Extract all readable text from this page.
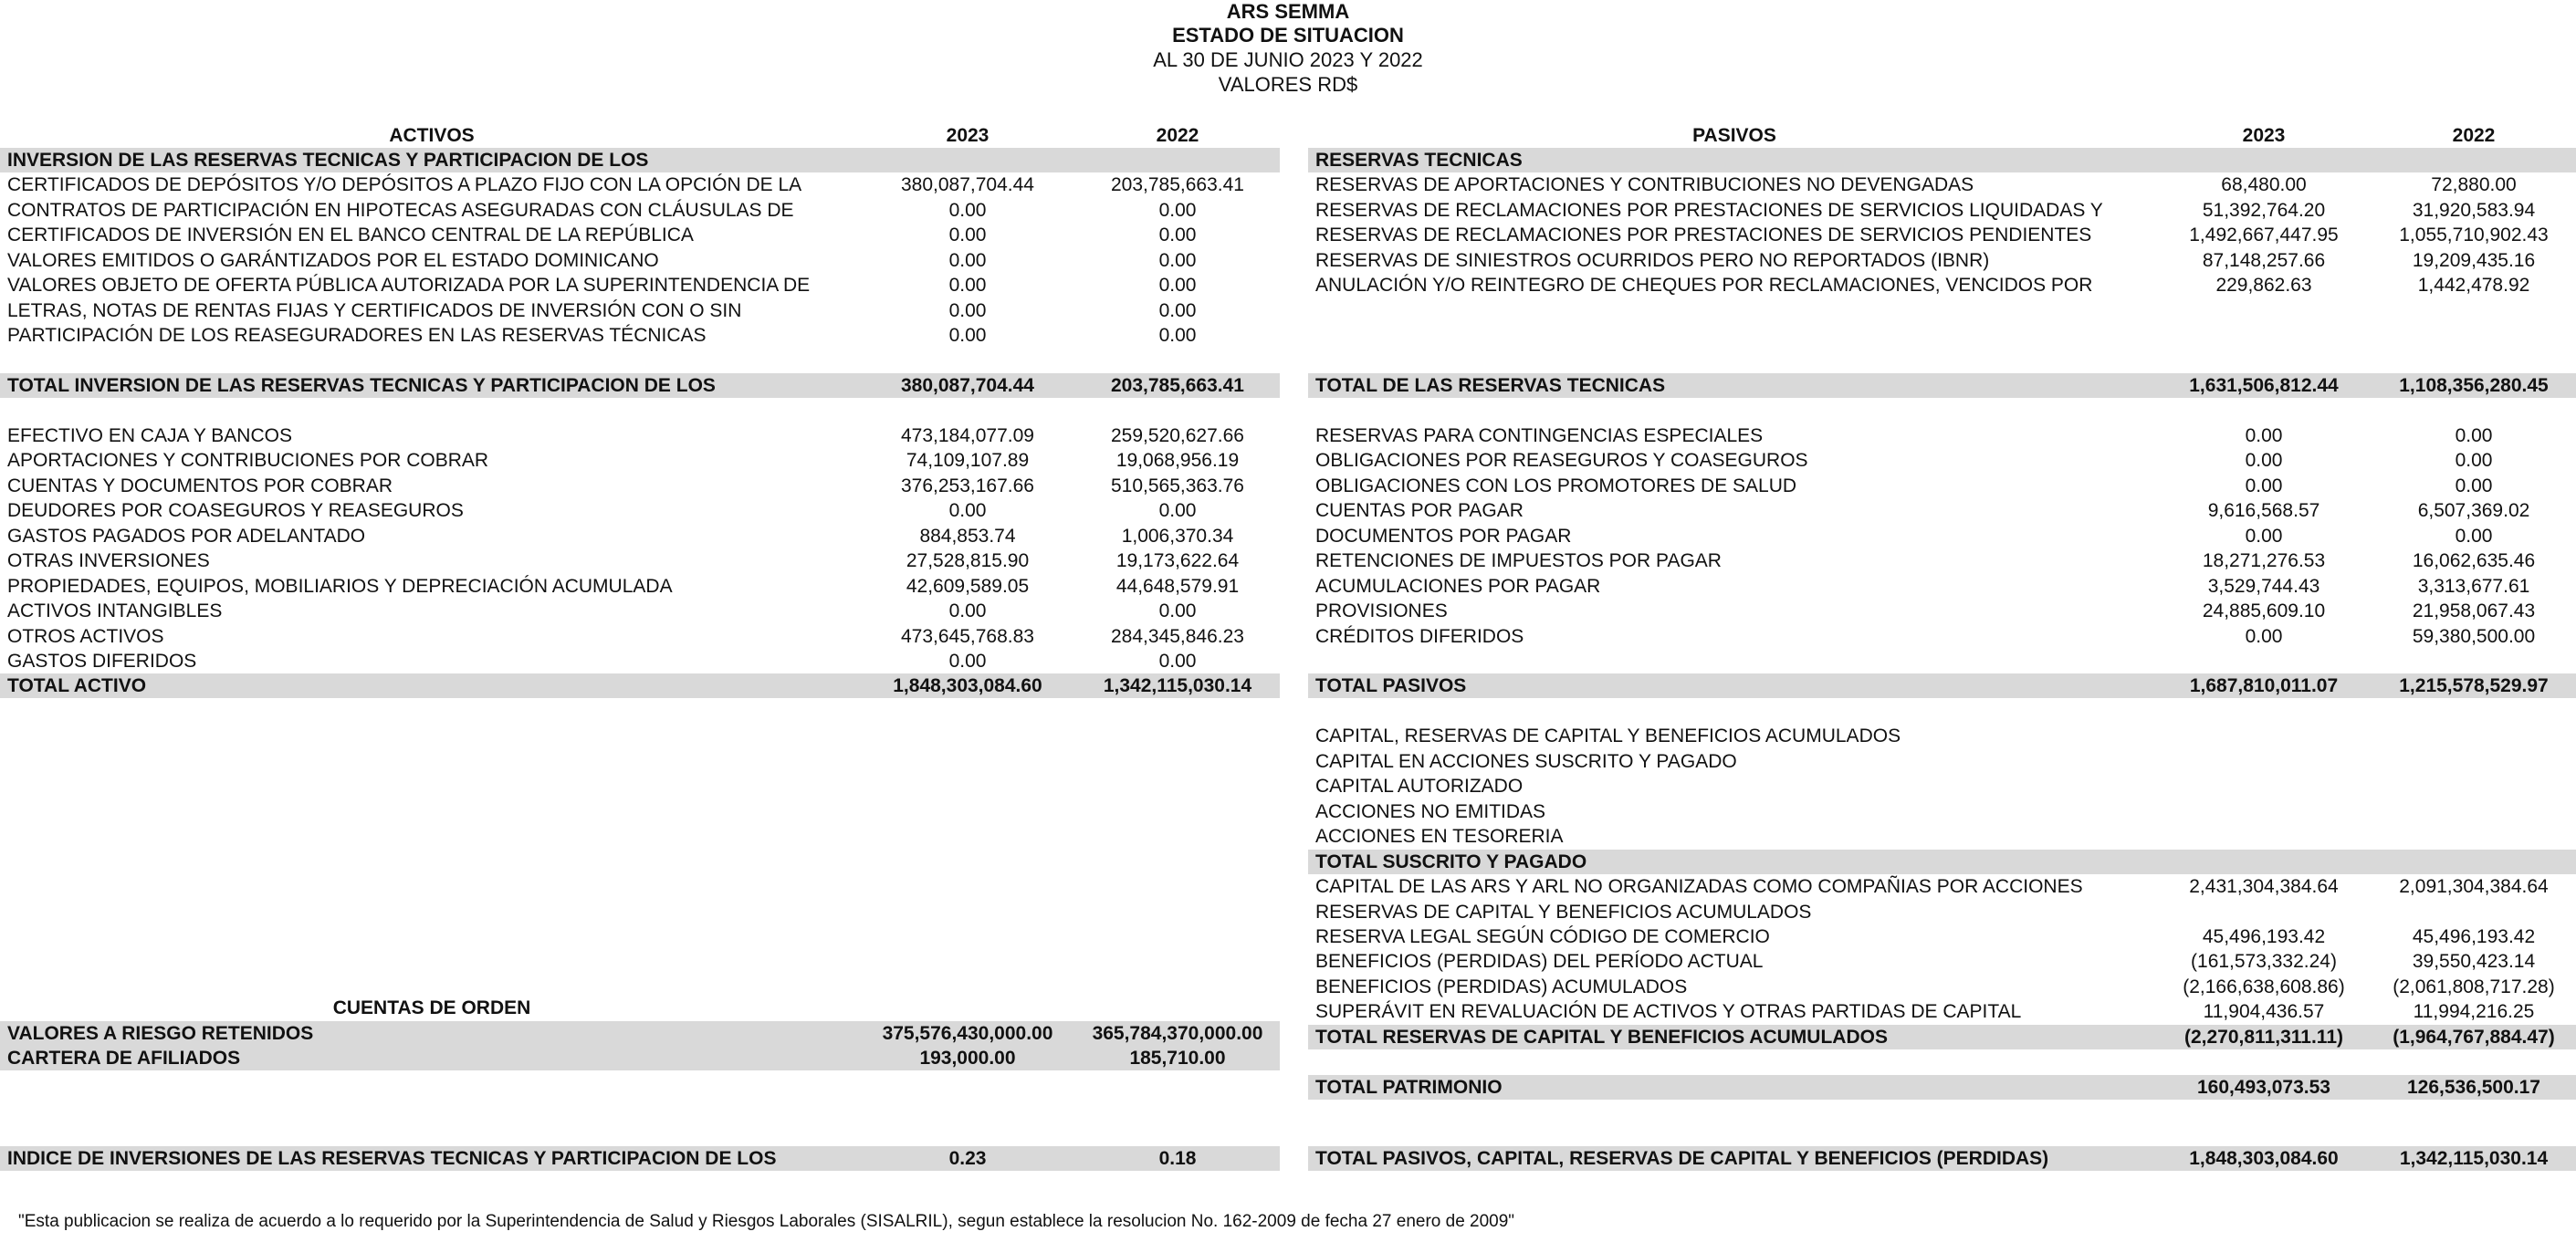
ARS SEMMA
ESTADO DE SITUACION
AL 30 DE JUNIO 2023 Y 2022
VALORES RD$
ACTIVOS	2023	2022	PASIVOS	2023	2022
INVERSION DE LAS RESERVAS TECNICAS Y PARTICIPACION DE LOS
CERTIFICADOS DE DEPÓSITOS Y/O DEPÓSITOS A PLAZO FIJO CON LA OPCIÓN DE LA	380,087,704.44	203,785,663.41
CONTRATOS DE PARTICIPACIÓN EN HIPOTECAS ASEGURADAS CON CLÁUSULAS DE	0.00	0.00
CERTIFICADOS DE INVERSIÓN EN EL BANCO CENTRAL DE LA REPÚBLICA	0.00	0.00
VALORES EMITIDOS O GARÁNTIZADOS POR EL ESTADO DOMINICANO	0.00	0.00
VALORES OBJETO DE OFERTA PÚBLICA AUTORIZADA POR LA SUPERINTENDENCIA DE	0.00	0.00
LETRAS, NOTAS DE RENTAS FIJAS Y CERTIFICADOS DE INVERSIÓN CON O SIN	0.00	0.00
PARTICIPACIÓN DE LOS REASEGURADORES EN LAS RESERVAS TÉCNICAS	0.00	0.00
TOTAL INVERSION DE LAS RESERVAS TECNICAS Y PARTICIPACION DE LOS	380,087,704.44	203,785,663.41
EFECTIVO EN CAJA Y BANCOS	473,184,077.09	259,520,627.66
APORTACIONES Y CONTRIBUCIONES POR COBRAR	74,109,107.89	19,068,956.19
CUENTAS Y DOCUMENTOS POR COBRAR	376,253,167.66	510,565,363.76
DEUDORES POR COASEGUROS Y REASEGUROS	0.00	0.00
GASTOS PAGADOS POR ADELANTADO	884,853.74	1,006,370.34
OTRAS INVERSIONES	27,528,815.90	19,173,622.64
PROPIEDADES, EQUIPOS, MOBILIARIOS Y DEPRECIACIÓN ACUMULADA	42,609,589.05	44,648,579.91
ACTIVOS INTANGIBLES	0.00	0.00
OTROS ACTIVOS	473,645,768.83	284,345,846.23
GASTOS DIFERIDOS	0.00	0.00
TOTAL ACTIVO	1,848,303,084.60	1,342,115,030.14
RESERVAS TECNICAS
RESERVAS DE APORTACIONES Y CONTRIBUCIONES NO DEVENGADAS	68,480.00	72,880.00
RESERVAS DE RECLAMACIONES POR PRESTACIONES DE SERVICIOS LIQUIDADAS Y	51,392,764.20	31,920,583.94
RESERVAS DE RECLAMACIONES POR PRESTACIONES DE SERVICIOS PENDIENTES	1,492,667,447.95	1,055,710,902.43
RESERVAS DE SINIESTROS OCURRIDOS PERO NO REPORTADOS (IBNR)	87,148,257.66	19,209,435.16
ANULACIÓN Y/O REINTEGRO DE CHEQUES POR RECLAMACIONES, VENCIDOS POR	229,862.63	1,442,478.92
TOTAL DE LAS RESERVAS TECNICAS	1,631,506,812.44	1,108,356,280.45
RESERVAS PARA CONTINGENCIAS ESPECIALES	0.00	0.00
OBLIGACIONES POR REASEGUROS Y COASEGUROS	0.00	0.00
OBLIGACIONES CON LOS PROMOTORES DE SALUD	0.00	0.00
CUENTAS POR PAGAR	9,616,568.57	6,507,369.02
DOCUMENTOS POR PAGAR	0.00	0.00
RETENCIONES DE IMPUESTOS POR PAGAR	18,271,276.53	16,062,635.46
ACUMULACIONES POR PAGAR	3,529,744.43	3,313,677.61
PROVISIONES	24,885,609.10	21,958,067.43
CRÉDITOS DIFERIDOS	0.00	59,380,500.00
TOTAL PASIVOS	1,687,810,011.07	1,215,578,529.97
CAPITAL, RESERVAS DE CAPITAL Y BENEFICIOS ACUMULADOS
CAPITAL EN ACCIONES SUSCRITO Y PAGADO
CAPITAL AUTORIZADO
ACCIONES NO EMITIDAS
ACCIONES EN TESORERIA
TOTAL SUSCRITO Y PAGADO
CAPITAL DE LAS ARS Y ARL NO ORGANIZADAS COMO COMPAÑIAS POR ACCIONES	2,431,304,384.64	2,091,304,384.64
RESERVAS DE CAPITAL Y BENEFICIOS ACUMULADOS
RESERVA LEGAL SEGÚN CÓDIGO DE COMERCIO	45,496,193.42	45,496,193.42
BENEFICIOS (PERDIDAS) DEL PERÍODO ACTUAL	(161,573,332.24)	39,550,423.14
BENEFICIOS (PERDIDAS) ACUMULADOS	(2,166,638,608.86)	(2,061,808,717.28)
SUPERÁVIT EN REVALUACIÓN DE ACTIVOS Y OTRAS PARTIDAS DE CAPITAL	11,904,436.57	11,994,216.25
TOTAL RESERVAS DE CAPITAL Y BENEFICIOS ACUMULADOS	(2,270,811,311.11)	(1,964,767,884.47)
TOTAL PATRIMONIO	160,493,073.53	126,536,500.17
CUENTAS DE ORDEN
VALORES A RIESGO RETENIDOS	375,576,430,000.00	365,784,370,000.00
CARTERA DE AFILIADOS	193,000.00	185,710.00
INDICE DE INVERSIONES DE LAS RESERVAS TECNICAS Y PARTICIPACION DE LOS	0.23	0.18	TOTAL PASIVOS, CAPITAL, RESERVAS DE CAPITAL Y BENEFICIOS (PERDIDAS)	1,848,303,084.60	1,342,115,030.14
"Esta publicacion se realiza de acuerdo a lo requerido por la Superintendencia de Salud y Riesgos Laborales (SISALRIL), segun establece la resolucion No. 162-2009 de fecha 27 enero de 2009"
